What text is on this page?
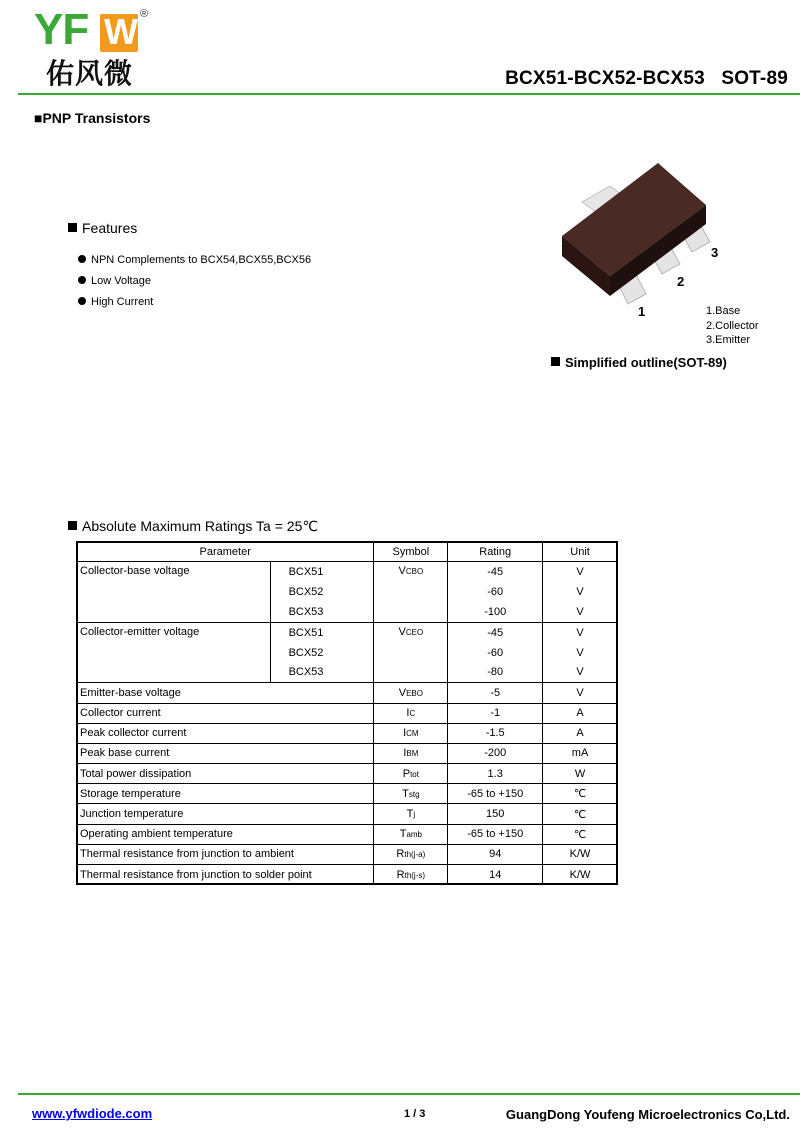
YF W ®
佑风微	BCX51-BCX52-BCX53   SOT-89
■PNP Transistors
Features
NPN Complements to BCX54,BCX55,BCX56
Low Voltage
High Current
1
2
3
1.Base
2.Collector
3.Emitter
Simplified outline(SOT-89)
Absolute Maximum Ratings Ta = 25℃
Parameter		Symbol	Rating	Unit
Collector-base voltage	BCX51	VCBO	-45	V
	BCX52		-60	V
	BCX53		-100	V
Collector-emitter voltage	BCX51	VCEO	-45	V
	BCX52		-60	V
	BCX53		-80	V
Emitter-base voltage		VEBO	-5	V
Collector current		IC	-1	A
Peak collector current		ICM	-1.5	A
Peak base current		IBM	-200	mA
Total power dissipation		Ptot	1.3	W
Storage temperature		Tstg	-65 to +150	℃
Junction temperature		Tj	150	℃
Operating ambient temperature		Tamb	-65 to +150	℃
Thermal resistance from junction to ambient		Rth(j-a)	94	K/W
Thermal resistance from junction to solder point		Rth(j-s)	14	K/W
www.yfwdiode.com	1 / 3	GuangDong Youfeng Microelectronics Co,Ltd.
